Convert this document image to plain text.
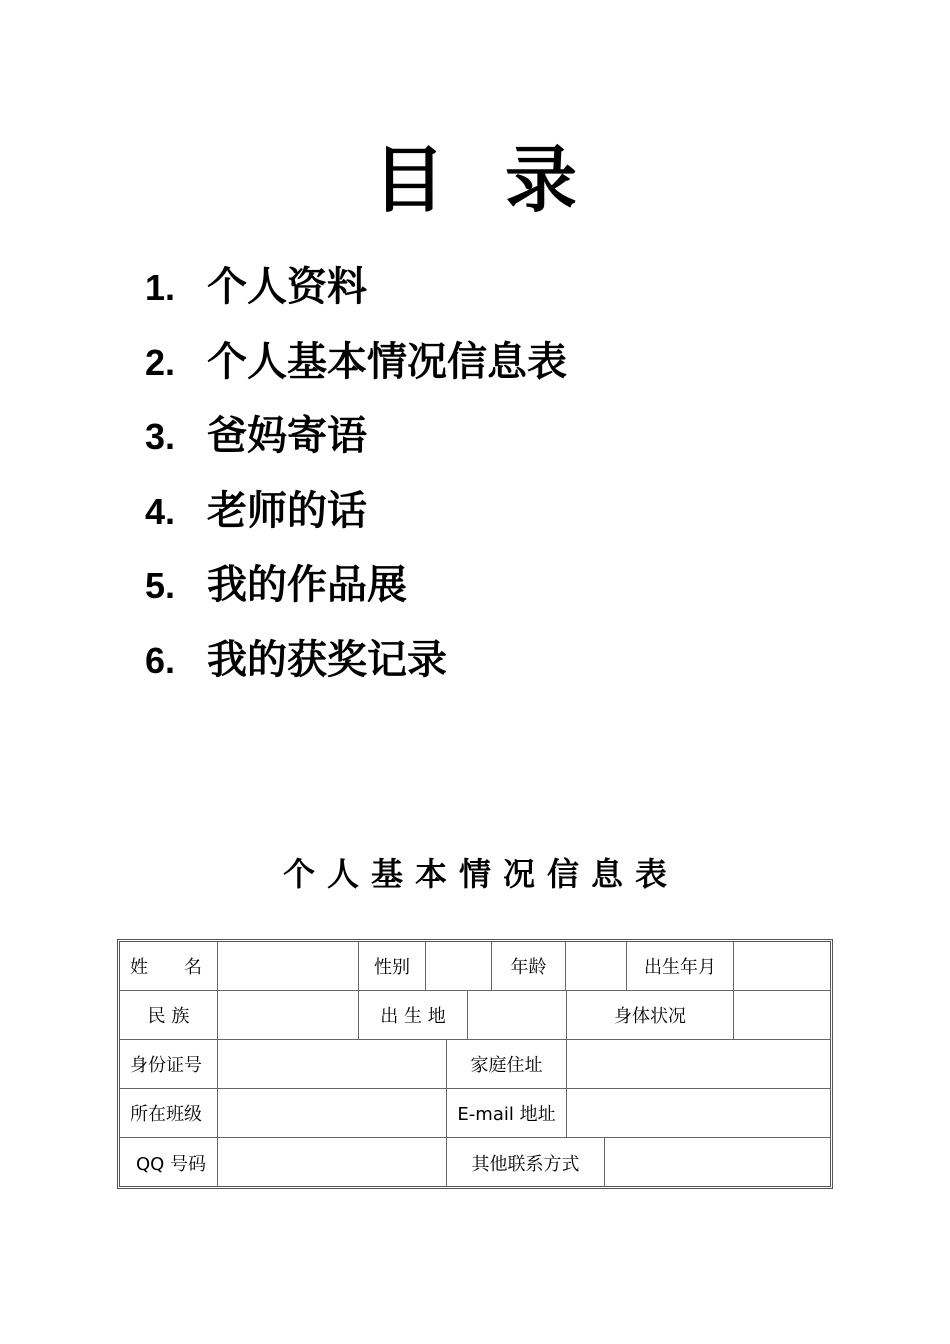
目 录
1. 个人资料
2. 个人基本情况信息表
3. 爸妈寄语
4. 老师的话
5. 我的作品展
6. 我的获奖记录
个人基本情况信息表
姓　　名	性别	年龄	出生年月
民 族	出 生 地	身体状况
身份证号	家庭住址
所在班级	E-mail 地址
QQ 号码	其他联系方式
